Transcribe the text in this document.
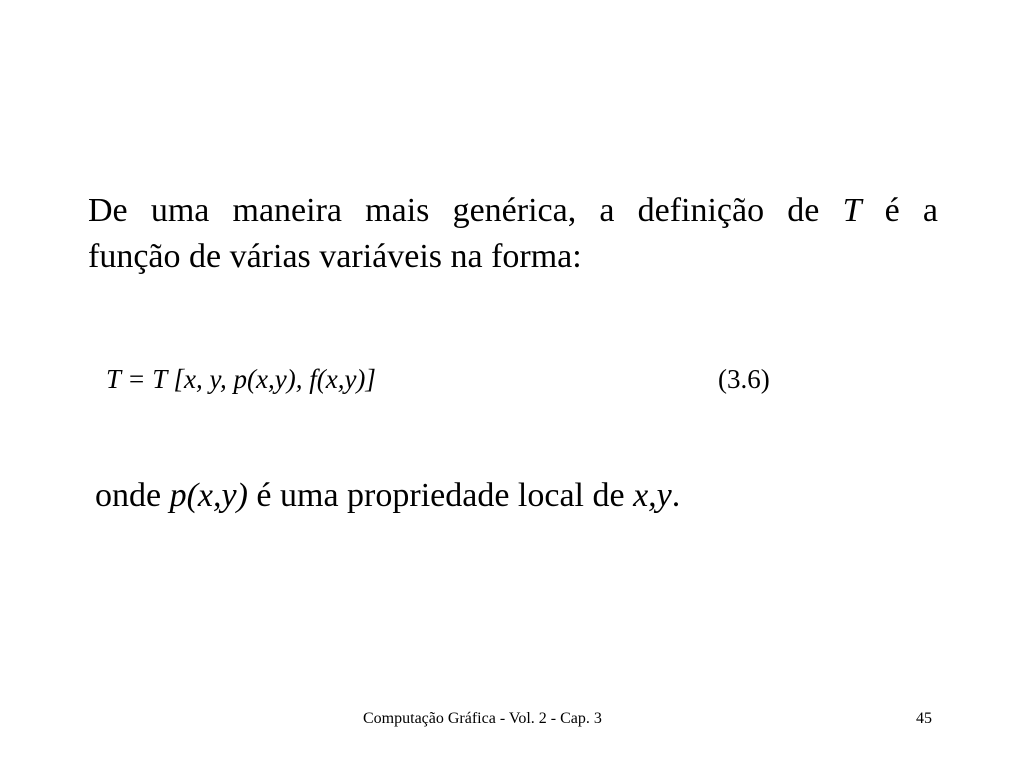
De uma maneira mais genérica, a definição de T é a
função de várias variáveis na forma:
T = T [x, y, p(x,y), f(x,y)]	(3.6)
onde p(x,y) é uma propriedade local de x,y.
Computação Gráfica - Vol. 2 - Cap. 3	45
